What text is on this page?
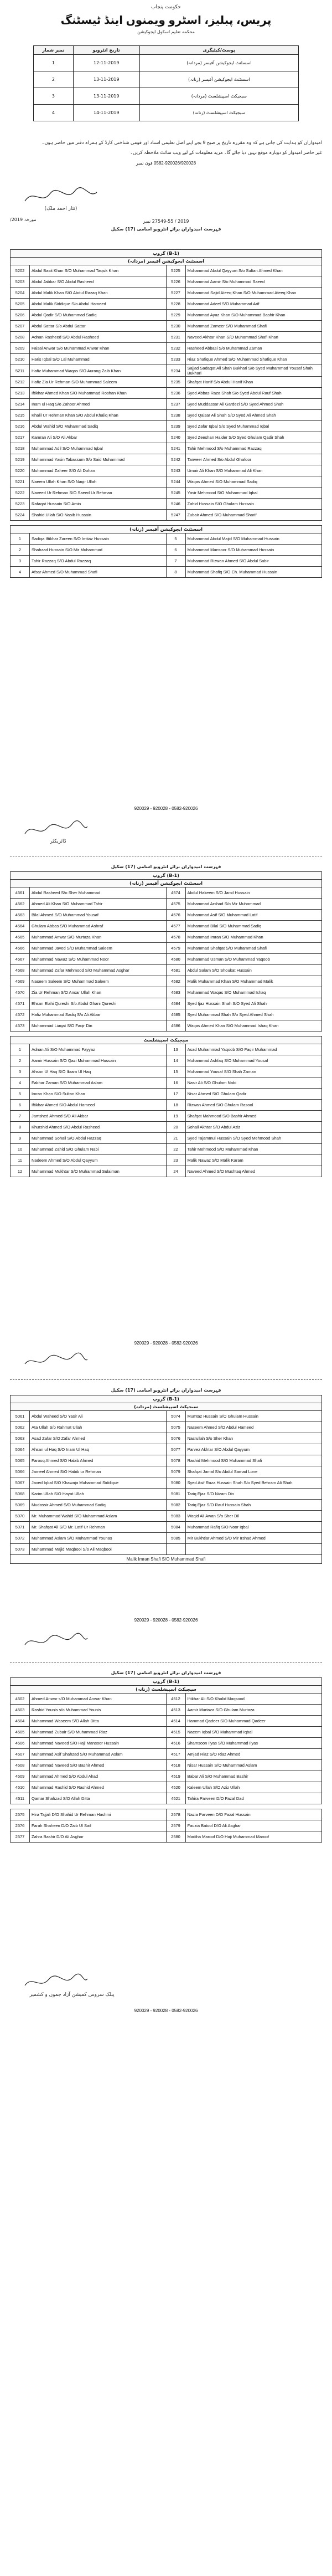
حکومت پنجاب
پریس، پبلیز، اسٹرو ویمنوں اینڈ ٹیسٹنگ
محکمہ تعلیم اسکول ایجوکیشن
پوسٹ/کیٹیگری	تاریخ انٹرویو	نمبر شمار
اسسٹنٹ ایجوکیشن آفیسر (مردانہ)	12-11-2019	1
اسسٹنٹ ایجوکیشن آفیسر (زنانہ)	13-11-2019	2
سبجیکٹ اسپیشلسٹ (مردانہ)	13-11-2019	3
سبجیکٹ اسپیشلسٹ (زنانہ)	14-11-2019	4
امیدواران کو ہدایت کی جاتی ہے کہ وہ مقررہ تاریخ پر صبح 9 بجے اپنے اصل تعلیمی اسناد اور قومی شناختی کارڈ کے ہمراہ دفتر میں حاضر ہوں۔
غیر حاضر امیدوار کو دوبارہ موقع نہیں دیا جائے گا۔ مزید معلومات کے لیے ویب سائٹ ملاحظہ کریں۔
0582-920026/920028 فون نمبر
(نثار احمد ملک)
2019 / 27549-55 نمبر
مورخہ 2019/
فہرست امیدواران برائے انٹرویو اسامی (17) سکیل
(B-1) گروپ
اسسٹنٹ ایجوکیشن آفیسر (مردانہ)
5202	Abdul Basit Khan S/O Muhammad Taqsik Khan	5225	Muhammad Abdul Qayyum S/o Sultan Ahmed Khan
5203	Abdul Jabbar S/O Abdul Rasheed	5226	Muhammad Aamir S/o Muhammad Saeed
5204	Abdul Malik Khan S/O Abdul Razaq Khan	5227	Muhammad Sajid Ateeq Khan S/O Muhammad Ateeq Khan
5205	Abdul Malik Siddique S/o Abdul Hameed	5228	Muhammad Adeel S/O Muhammad Arif
5206	Abdul Qadir S/O Muhammad Sadiq	5229	Muhammad Ayaz Khan S/O Muhammad Bashir Khan
5207	Abdul Sattar S/o Abdul Sattar	5230	Muhammad Zameer S/O Muhammad Shafi
5208	Adnan Rasheed S/O Abdul Rasheed	5231	Naveed Akhtar Khan S/O Muhammad Shafi Khan
5209	Faisal Anwar S/o Muhammad Anwar Khan	5232	Rasheed Abbasi S/o Muhammad Zaman
5210	Haris Iqbal S/O Lal Muhammad	5233	Riaz Shafique Ahmed S/O Muhammad Shafique Khan
5211	Hafiz Muhammad Waqas S/O Aurang Zaib Khan	5234	Sajjad Sadaqat Ali Shah Bukhari S/o Syed Muhammad Yousaf Shah Bukhari
5212	Hafiz Zia Ur Rehman S/O Muhammad Saleem	5235	Shafqat Hanif S/o Abdul Hanif Khan
5213	Iftikhar Ahmed Khan S/O Muhammad Roshan Khan	5236	Syed Abbas Raza Shah S/o Syed Abdul Rauf Shah
5214	Inam ul Haq S/o Zahoor Ahmed	5237	Syed Muddassar Ali Gardezi S/O Syed Ahmed Shah
5215	Khalil Ur Rehman Khan S/O Abdul Khaliq Khan	5238	Syed Qaisar Ali Shah S/O Syed Ali Ahmed Shah
5216	Abdul Wahid S/O Muhammad Sadiq	5239	Syed Zafar Iqbal S/o Syed Muhammad Iqbal
5217	Kamran Ali S/O Ali Akbar	5240	Syed Zeeshan Haider S/O Syed Ghulam Qadir Shah
5218	Muhammad Adil S/O Muhammad Iqbal	5241	Tahir Mehmood S/o Muhammad Razzaq
5219	Muhammad Yasin Tabassum S/o Said Muhammad	5242	Tanveer Ahmed S/o Abdul Ghafoor
5220	Muhammad Zaheer S/O Ali Dohan	5243	Umair Ali Khan S/O Muhammad Ali Khan
5221	Naeem Ullah Khan S/O Naqir Ullah	5244	Waqas Ahmed S/O Muhammad Sadiq
5222	Naveed Ur Rehman S/O Saeed Ur Rehman	5245	Yasir Mehmood S/O Muhammad Iqbal
5223	Rafaqat Hussain S/O Amin	5246	Zahid Hussain S/O Ghulam Hussain
5224	Shahid Ullah S/O Nasib Hussain	5247	Zubair Ahmed S/O Muhammad Sharif
اسسٹنٹ ایجوکیشن آفیسر (زنانہ)
1	Sadiqa Iftikhar Zareen S/O Imtiaz Hussain	5	Muhammad Abdul Majid S/O Muhammad Hussain
2	Shahzad Hussain S/O Mir Muhammad	6	Muhammad Mansoor S/O Muhammad Hussain
3	Tahir Razzaq S/O Abdul Razzaq	7	Muhammad Rizwan Ahmed S/O Abdul Sabir
4	Afsar Ahmed S/O Muhammad Shafi	8	Muhammad Shafiq S/O Ch. Muhammad Hussain
0582-920026 - 920028 - 920029
ڈائریکٹر
فہرست امیدواران برائے انٹرویو اسامی (17) سکیل
(B-1) گروپ
اسسٹنٹ ایجوکیشن آفیسر (زنانہ)
4561	Abdul Rasheed S/o Sher Muhammad	4574	Abdul Hakeem S/O Jamil Hussain
4562	Ahmed Ali Khan S/O Muhammad Tahir	4575	Muhammad Arshad S/o Mir Muhammad
4563	Bilal Ahmed S/O Muhammad Yousaf	4576	Muhammad Asif S/O Muhammad Latif
4564	Ghulam Abbas S/O Muhammad Ashraf	4577	Muhammad Bilal S/O Muhammad Sadiq
4565	Muhammad Anwar S/O Murtaza Khan	4578	Muhammad Imran S/O Muhammad Khan
4566	Muhammad Javed S/O Muhammad Saleem	4579	Muhammad Shafqat S/O Muhammad Shafi
4567	Muhammad Nawaz S/O Muhammad Noor	4580	Muhammad Usman S/O Muhammad Yaqoob
4568	Muhammad Zafar Mehmood S/O Muhammad Asghar	4581	Abdul Salam S/O Shoukat Hussain
4569	Naseem Saleem S/O Muhammad Saleem	4582	Malik Muhammad Khan S/O Muhammad Malik
4570	Zia Ur Rehman S/O Ansar Ullah Khan	4583	Muhammad Waqas S/O Muhammad Ishaq
4571	Ehsan Elahi Qureshi S/o Abdul Ghani Qureshi	4584	Syed Ijaz Hussain Shah S/O Syed Ali Shah
4572	Hafiz Muhammad Sadiq S/o Ali Akbar	4585	Syed Muhammad Shah S/o Syed Ahmed Shah
4573	Muhammad Liaqat S/O Faqir Din	4586	Waqas Ahmed Khan S/O Muhammad Ishaq Khan
سبجیکٹ اسپیشلسٹ
1	Adnan Ali S/O Muhammad Fayyaz	13	Asad Muhammad Yaqoob S/O Faqir Muhammad
2	Aamir Hussain S/O Qazi Muhammad Hussain	14	Muhammad Ashfaq S/O Muhammad Yousaf
3	Ahsan Ul Haq S/O Ikram Ul Haq	15	Muhammad Yousaf S/O Shah Zaman
4	Fakhar Zaman S/O Muhammad Aslam	16	Nasir Ali S/O Ghulam Nabi
5	Imran Khan S/O Sultan Khan	17	Nisar Ahmed S/O Ghulam Qadir
6	Iftikhar Ahmed S/O Abdul Hameed	18	Rizwan Ahmed S/O Ghulam Rasool
7	Jamshed Ahmed S/O Ali Akbar	19	Shafqat Mahmood S/O Bashir Ahmed
8	Khurshid Ahmed S/O Abdul Rasheed	20	Sohail Akhtar S/O Abdul Aziz
9	Muhammad Sohail S/O Abdul Razzaq	21	Syed Tajammul Hussain S/O Syed Mehmood Shah
10	Muhammad Zahid S/O Ghulam Nabi	22	Tahir Mehmood S/O Muhammad Khan
11	Nadeem Ahmed S/O Abdul Qayyum	23	Malik Nawaz S/O Malik Karam
12	Muhammad Mukhtar S/O Muhammad Sulaiman	24	Naveed Ahmed S/O Mushtaq Ahmed
0582-920026 - 920028 - 920029
فہرست امیدواران برائے انٹرویو اسامی (17) سکیل
(B-1) گروپ
سبجیکٹ اسپیشلسٹ (مردانہ)
5061	Abdul Waheed S/O Yasir Ali	5074	Mumtaz Hussain S/O Ghulam Hussain
5062	Ata Ullah S/o Rahmat Ullah	5075	Naseem Ahmed S/O Abdul Hameed
5063	Asad Zafar S/O Zafar Ahmed	5076	Nasrullah S/o Sher Khan
5064	Ahsan ul Haq S/O Inam Ul Haq	5077	Parvez Akhtar S/O Abdul Qayyum
5065	Farooq Ahmed S/O Habib Ahmed	5078	Rashid Mehmood S/O Muhammad Shafi
5066	Jameel Ahmed S/O Habib ur Rehman	5079	Shafqat Jamal S/o Abdul Samad Lone
5067	Javed Iqbal S/O Khawaja Muhammad Siddique	5080	Syed Asif Raza Hussain Shah S/o Syed Behram Ali Shah
5068	Karim Ullah S/O Hayat Ullah	5081	Tariq Ejaz S/O Nizam Din
5069	Mudassir Ahmed S/O Muhammad Sadiq	5082	Tariq Ejaz S/O Rauf Hussain Shah
5070	Mr. Muhammad Wahid S/O Muhammad Aslam	5083	Waqid Ali Awan S/o Sher Dil
5071	Mr. Shafqat Ali S/O Mr. Latif Ur Rehman	5084	Muhammad Rafiq S/O Noor Iqbal
5072	Muhammad Aslam S/O Muhammad Younas	5085	Mir Bukhtiar Ahmed S/O Mir Irshad Ahmed
5073	Muhammad Majid Maqbool S/o Ali Maqbool		
Malik Imran Shafi S/O Muhammad Shafi
0582-920026 - 920028 - 920029
فہرست امیدواران برائے انٹرویو اسامی (17) سکیل
(B-1) گروپ
سبجیکٹ اسپیشلسٹ (زنانہ)
4502	Ahmed Anwar s/O Muhammad Anwar Khan	4512	Iftikhar Ali S/O Khalid Maqsood
4503	Rashid Younis s/o Muhammad Younis	4513	Aamir Murtaza S/O Ghulam Murtaza
4504	Muhammad Waseem S/O Allah Ditta	4514	Hammad Qadeer S/O Muhammad Qadeer
4505	Muhammad Zubair S/O Muhammad Riaz	4515	Naeem Iqbal S/O Muhammad Iqbal
4506	Muhammad Naveed S/O Haji Mansoor Hussain	4516	Shamsoon Ilyas S/O Muhammad Ilyas
4507	Muhammad Asif Shahzad S/O Muhammad Aslam	4517	Amjad Riaz S/O Riaz Ahmed
4508	Muhammad Naveed S/O Bashir Ahmed	4518	Nisar Hussain S/O Muhammad Aslam
4509	Muhammad Ahmed S/O Abdul Ahad	4519	Babar Ali S/O Muhammad Bashir
4510	Muhammad Rashid S/O Rashid Ahmed	4520	Kaleem Ullah S/O Aziz Ullah
4511	Qamar Shahzad S/O Allah Ditta	4521	Tahira Parveen D/O Fazal Dad
2575	Hira Tajjali D/O Shahid Ur Rehman Hashmi	2578	Nazia Parveen D/O Fazal Hussain
2576	Farah Shaheen D/O Zaib Ul Saif	2579	Fauzia Batool D/O Ali Asghar
2577	Zahra Bashir D/O Ali Asghar	2580	Madiha Maroof D/O Haji Muhammad Maroof
پبلک سروس کمیشن آزاد جموں و کشمیر
0582-920026 - 920028 - 920029
